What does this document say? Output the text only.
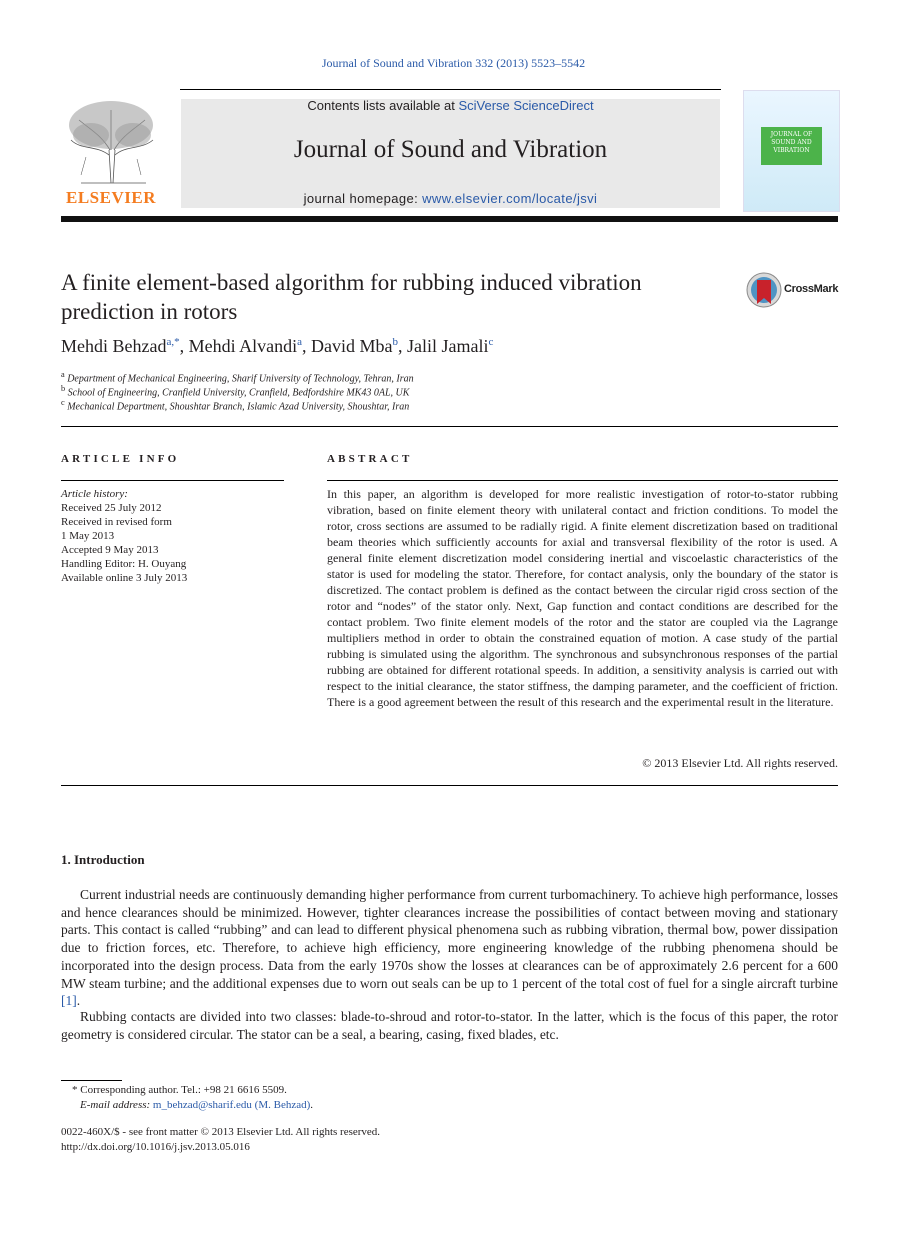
Journal of Sound and Vibration 332 (2013) 5523–5542
ELSEVIER
Contents lists available at SciVerse ScienceDirect
Journal of Sound and Vibration
journal homepage: www.elsevier.com/locate/jsvi
JOURNAL OF SOUND AND VIBRATION
A finite element-based algorithm for rubbing induced vibration prediction in rotors
CrossMark
Mehdi Behzad$^{a,*}$, Mehdi Alvandi$^a$, David Mba$^b$, Jalil Jamali$^c$
$^a$ Department of Mechanical Engineering, Sharif University of Technology, Tehran, Iran
$^b$ School of Engineering, Cranfield University, Cranfield, Bedfordshire MK43 0AL, UK
$^c$ Mechanical Department, Shoushtar Branch, Islamic Azad University, Shoushtar, Iran
ARTICLE INFO
Article history:
Received 25 July 2012
Received in revised form
1 May 2013
Accepted 9 May 2013
Handling Editor: H. Ouyang
Available online 3 July 2013
ABSTRACT
In this paper, an algorithm is developed for more realistic investigation of rotor-to-stator rubbing vibration, based on finite element theory with unilateral contact and friction conditions. To model the rotor, cross sections are assumed to be radially rigid. A finite element discretization based on traditional beam theories which sufficiently accounts for axial and transversal flexibility of the rotor is used. A general finite element discretization model considering inertial and viscoelastic characteristics of the stator is used for modeling the stator. Therefore, for contact analysis, only the boundary of the stator is discretized. The contact problem is defined as the contact between the circular rigid cross section of the rotor and “nodes” of the stator only. Next, Gap function and contact conditions are described for the contact problem. Two finite element models of the rotor and the stator are coupled via the Lagrange multipliers method in order to obtain the constrained equation of motion. A case study of the partial rubbing is simulated using the algorithm. The synchronous and subsynchronous responses of the partial rubbing are obtained for different rotational speeds. In addition, a sensitivity analysis is carried out with respect to the initial clearance, the stator stiffness, the damping parameter, and the coefficient of friction. There is a good agreement between the result of this research and the experimental result in the literature.
© 2013 Elsevier Ltd. All rights reserved.
1. Introduction
Current industrial needs are continuously demanding higher performance from current turbomachinery. To achieve high performance, losses and hence clearances should be minimized. However, tighter clearances increase the possibilities of contact between moving and stationary parts. This contact is called “rubbing” and can lead to different physical phenomena such as rubbing vibration, thermal bow, power dissipation due to friction forces, etc. Therefore, to achieve high efficiency, more engineering knowledge of the rubbing phenomena should be incorporated into the design process. Data from the early 1970s show the losses at clearances can be of approximately 2.6 percent for a 600 MW steam turbine; and the additional expenses due to worn out seals can be up to 1 percent of the total cost of fuel for a single aircraft turbine [1].
Rubbing contacts are divided into two classes: blade-to-shroud and rotor-to-stator. In the latter, which is the focus of this paper, the rotor geometry is considered circular. The stator can be a seal, a bearing, casing, fixed blades, etc.
* Corresponding author. Tel.: +98 21 6616 5509.
E-mail address: m_behzad@sharif.edu (M. Behzad).
0022-460X/$ - see front matter © 2013 Elsevier Ltd. All rights reserved.
http://dx.doi.org/10.1016/j.jsv.2013.05.016
